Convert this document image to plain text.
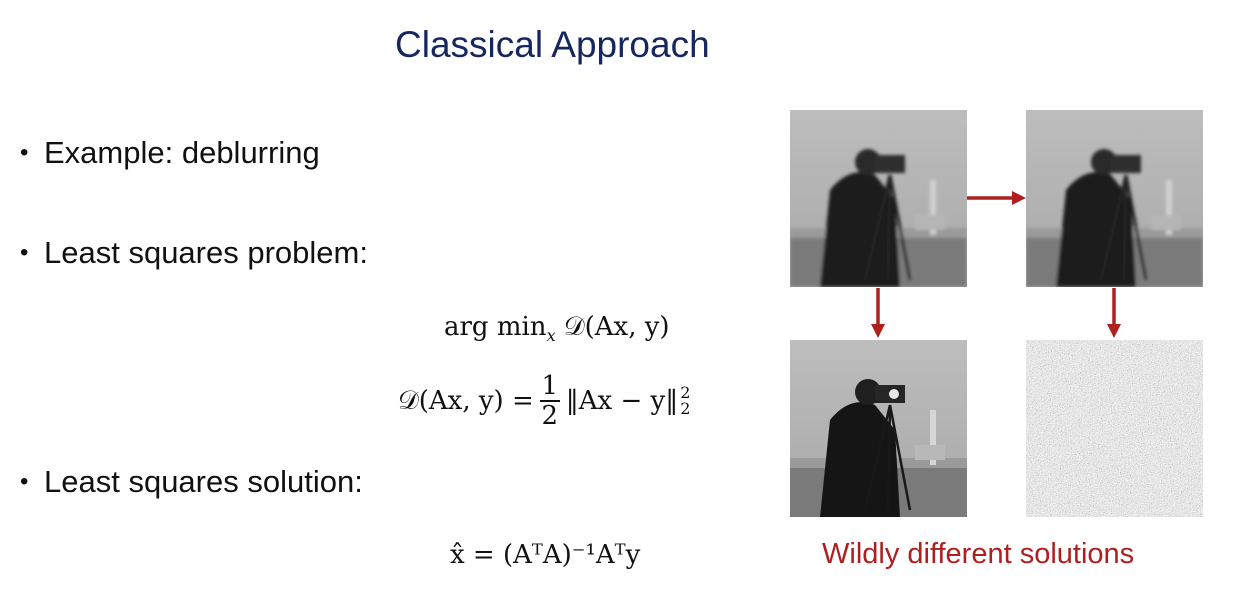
Classical Approach
• Example: deblurring
• Least squares problem:
• Least squares solution:
arg $\min_x$ 𝒟(Ax, y)
𝒟(Ax, $y) = \frac{1}{2}$ ‖Ax − y‖ 2
2
x̂ = (AᵀA)⁻¹Aᵀy	Wildly different solutions
